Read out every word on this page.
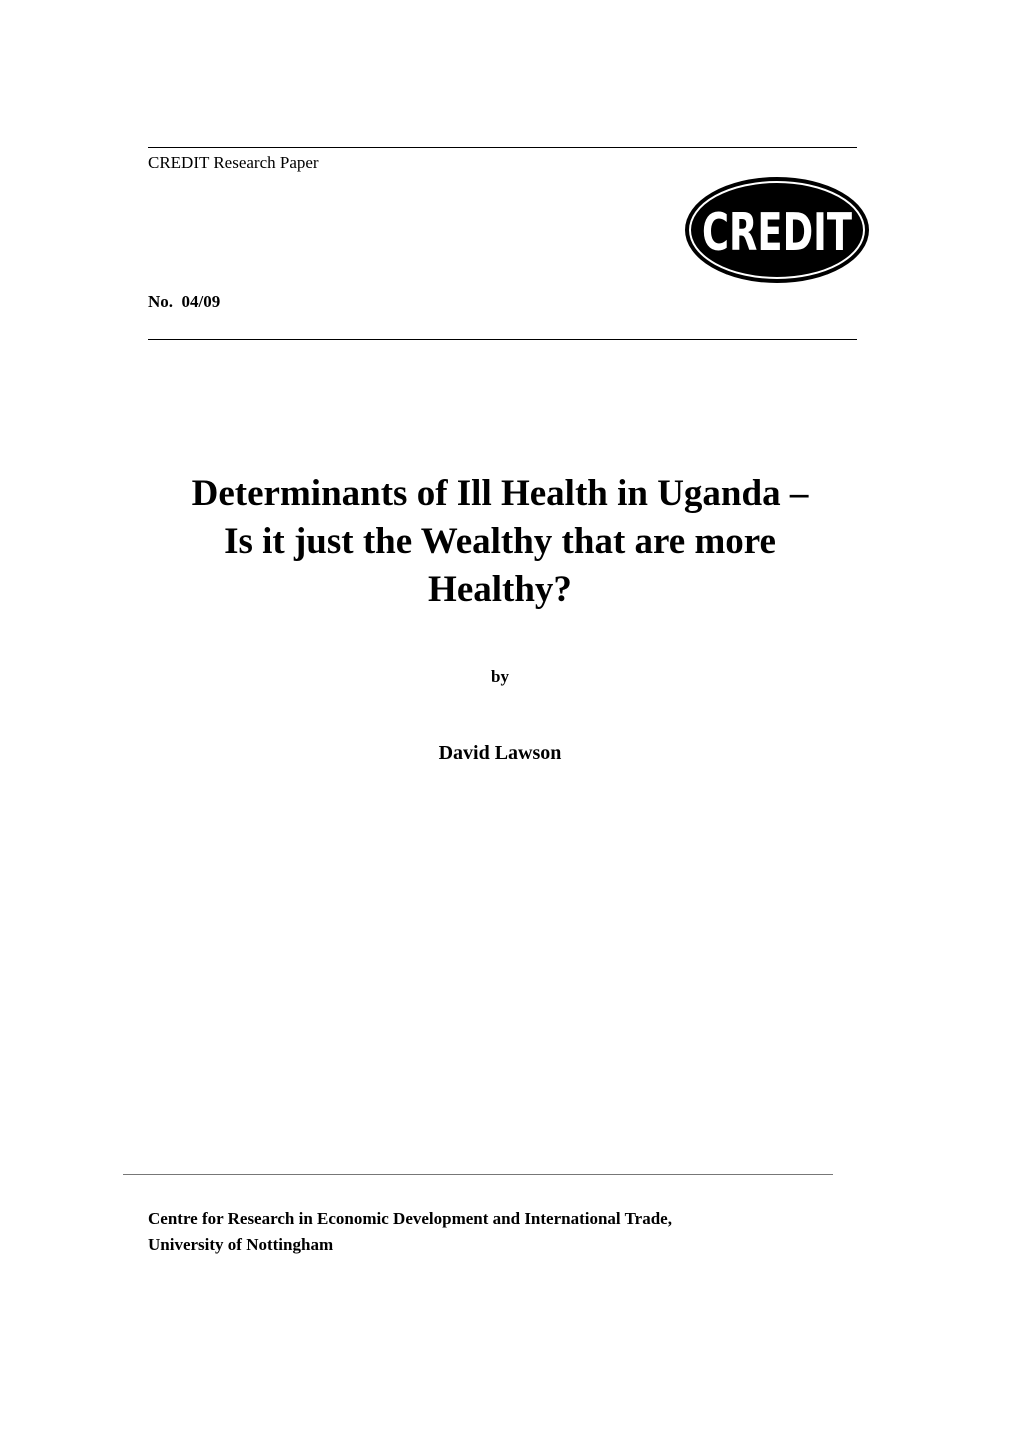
CREDIT Research Paper
CREDIT
No.  04/09
Determinants of Ill Health in Uganda –
Is it just the Wealthy that are more
Healthy?
by
David Lawson
Centre for Research in Economic Development and International Trade,
University of Nottingham
